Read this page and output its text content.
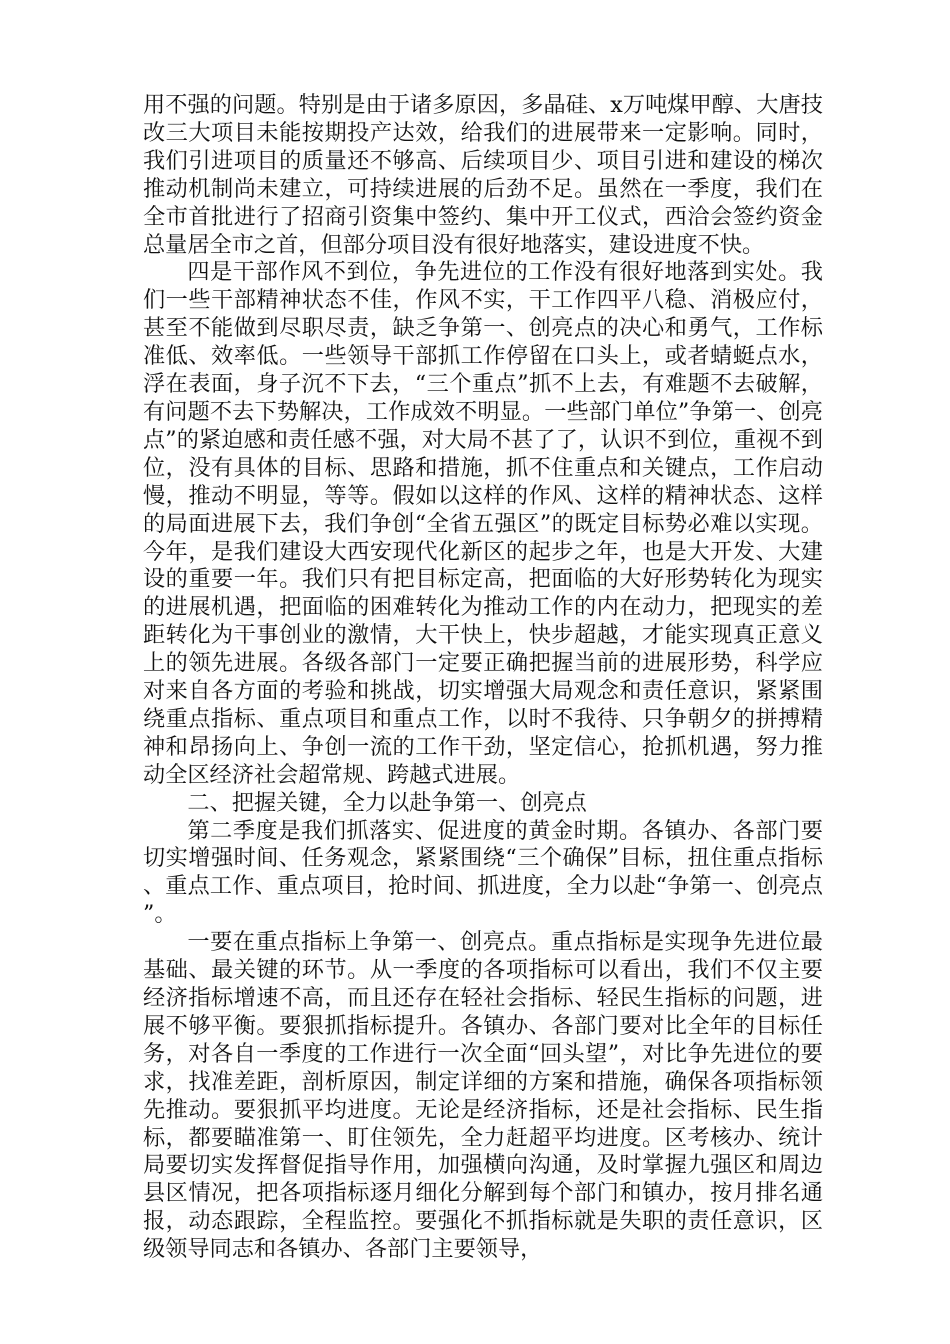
用不强的问题。特别是由于诸多原因，多晶硅、x万吨煤甲醇、大唐技改三大项目未能按期投产达效，给我们的进展带来一定影响。同时，我们引进项目的质量还不够高、后续项目少、项目引进和建设的梯次推动机制尚未建立，可持续进展的后劲不足。虽然在一季度，我们在全市首批进行了招商引资集中签约、集中开工仪式，西洽会签约资金总量居全市之首，但部分项目没有很好地落实，建设进度不快。

四是干部作风不到位，争先进位的工作没有很好地落到实处。我们一些干部精神状态不佳，作风不实，干工作四平八稳、消极应付，甚至不能做到尽职尽责，缺乏争第一、创亮点的决心和勇气，工作标准低、效率低。一些领导干部抓工作停留在口头上，或者蜻蜓点水，浮在表面，身子沉不下去，“三个重点”抓不上去，有难题不去破解，有问题不去下势解决，工作成效不明显。一些部门单位”争第一、创亮点”的紧迫感和责任感不强，对大局不甚了了，认识不到位，重视不到位，没有具体的目标、思路和措施，抓不住重点和关键点，工作启动慢，推动不明显，等等。假如以这样的作风、这样的精神状态、这样的局面进展下去，我们争创“全省五强区”的既定目标势必难以实现。今年，是我们建设大西安现代化新区的起步之年，也是大开发、大建设的重要一年。我们只有把目标定高，把面临的大好形势转化为现实的进展机遇，把面临的困难转化为推动工作的内在动力，把现实的差距转化为干事创业的激情，大干快上，快步超越，才能实现真正意义上的领先进展。各级各部门一定要正确把握当前的进展形势，科学应对来自各方面的考验和挑战，切实增强大局观念和责任意识，紧紧围绕重点指标、重点项目和重点工作，以时不我待、只争朝夕的拼搏精神和昂扬向上、争创一流的工作干劲，坚定信心，抢抓机遇，努力推动全区经济社会超常规、跨越式进展。

二、把握关键，全力以赴争第一、创亮点

第二季度是我们抓落实、促进度的黄金时期。各镇办、各部门要切实增强时间、任务观念，紧紧围绕“三个确保”目标，扭住重点指标、重点工作、重点项目，抢时间、抓进度，全力以赴“争第一、创亮点”。

一要在重点指标上争第一、创亮点。重点指标是实现争先进位最基础、最关键的环节。从一季度的各项指标可以看出，我们不仅主要经济指标增速不高，而且还存在轻社会指标、轻民生指标的问题，进展不够平衡。要狠抓指标提升。各镇办、各部门要对比全年的目标任务，对各自一季度的工作进行一次全面“回头望”，对比争先进位的要求，找准差距，剖析原因，制定详细的方案和措施，确保各项指标领先推动。要狠抓平均进度。无论是经济指标，还是社会指标、民生指标，都要瞄准第一、盯住领先，全力赶超平均进度。区考核办、统计局要切实发挥督促指导作用，加强横向沟通，及时掌握九强区和周边县区情况，把各项指标逐月细化分解到每个部门和镇办，按月排名通报，动态跟踪，全程监控。要强化不抓指标就是失职的责任意识，区级领导同志和各镇办、各部门主要领导，
